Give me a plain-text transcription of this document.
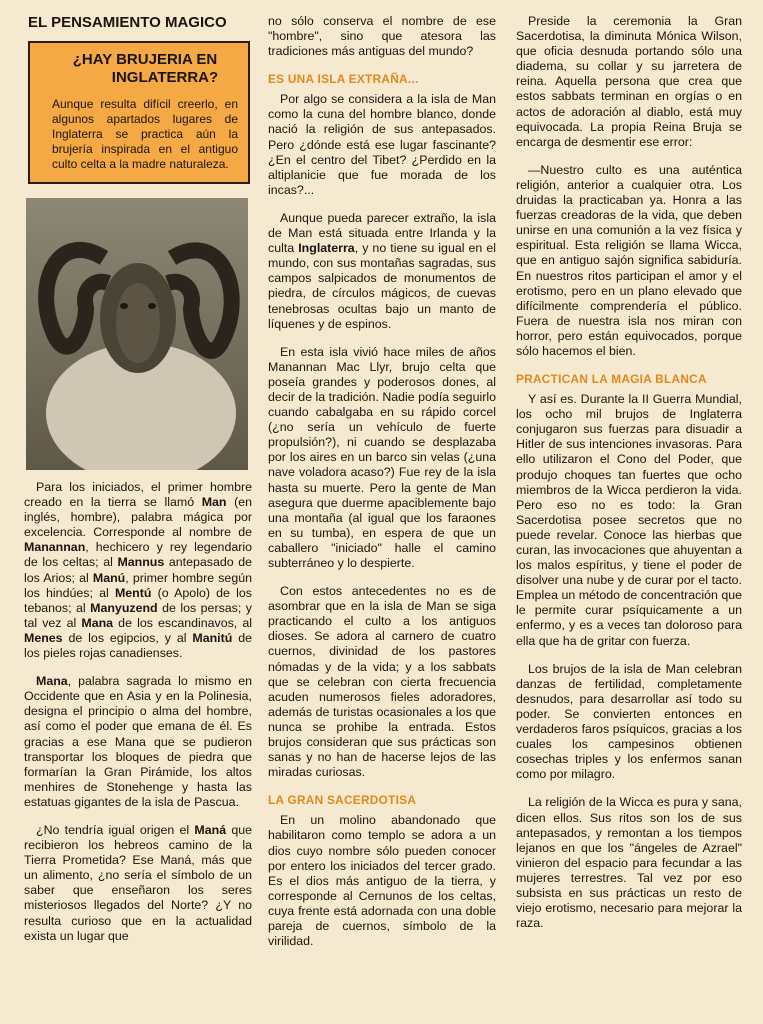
EL PENSAMIENTO MAGICO
¿HAY BRUJERIA EN
INGLATERRA?
Aunque resulta difícil creerlo, en algunos apartados lugares de Inglaterra se practica aún la brujería inspirada en el antiguo culto celta a la madre naturaleza.

Para los iniciados, el primer hombre creado en la tierra se llamó Man (en inglés, hombre), palabra mágica por excelencia. Corresponde al nombre de Manannan, hechicero y rey legendario de los celtas; al Mannus antepasado de los Arios; al Manú, primer hombre según los hindúes; al Mentú (o Apolo) de los tebanos; al Manyuzend de los persas; y tal vez al Mana de los escandinavos, al Menes de los egipcios, y al Manitú de los pieles rojas canadienses.

Mana, palabra sagrada lo mismo en Occidente que en Asia y en la Polinesia, designa el principio o alma del hombre, así como el poder que emana de él. Es gracias a ese Mana que se pudieron transportar los bloques de piedra que formarían la Gran Pirámide, los altos menhires de Stonehenge y hasta las estatuas gigantes de la isla de Pascua.

¿No tendría igual origen el Maná que recibieron los hebreos camino de la Tierra Prometida? Ese Maná, más que un alimento, ¿no sería el símbolo de un saber que enseñaron los seres misteriosos llegados del Norte? ¿Y no resulta curioso que en la actualidad exista un lugar que

no sólo conserva el nombre de ese "hombre", sino que atesora las tradiciones más antiguas del mundo?

ES UNA ISLA EXTRAÑA...

Por algo se considera a la isla de Man como la cuna del hombre blanco, donde nació la religión de sus antepasados. Pero ¿dónde está ese lugar fascinante? ¿En el centro del Tibet? ¿Perdido en la altiplanicie que fue morada de los incas?...

Aunque pueda parecer extraño, la isla de Man está situada entre Irlanda y la culta Inglaterra, y no tiene su igual en el mundo, con sus montañas sagradas, sus campos salpicados de monumentos de piedra, de círculos mágicos, de cuevas tenebrosas ocultas bajo un manto de líquenes y de espinos.

En esta isla vivió hace miles de años Manannan Mac Llyr, brujo celta que poseía grandes y poderosos dones, al decir de la tradición. Nadie podía seguirlo cuando cabalgaba en su rápido corcel (¿no sería un vehículo de fuerte propulsión?), ni cuando se desplazaba por los aires en un barco sin velas (¿una nave voladora acaso?) Fue rey de la isla hasta su muerte. Pero la gente de Man asegura que duerme apaciblemente bajo una montaña (al igual que los faraones en su tumba), en espera de que un caballero "iniciado" halle el camino subterráneo y lo despierte.

Con estos antecedentes no es de asombrar que en la isla de Man se siga practicando el culto a los antiguos dioses. Se adora al carnero de cuatro cuernos, divinidad de los pastores nómadas y de la vida; y a los sabbats que se celebran con cierta frecuencia acuden numerosos fieles adoradores, además de turistas ocasionales a los que nunca se prohibe la entrada. Estos brujos consideran que sus prácticas son sanas y no han de hacerse lejos de las miradas curiosas.

LA GRAN SACERDOTISA

En un molino abandonado que habilitaron como templo se adora a un dios cuyo nombre sólo pueden conocer por entero los iniciados del tercer grado. Es el dios más antiguo de la tierra, y corresponde al Cernunos de los celtas, cuya frente está adornada con una doble pareja de cuernos, símbolo de la virilidad.

Preside la ceremonia la Gran Sacerdotisa, la diminuta Mónica Wilson, que oficia desnuda portando sólo una diadema, su collar y su jarretera de reina. Aquella persona que crea que estos sabbats terminan en orgías o en actos de adoración al diablo, está muy equivocada. La propia Reina Bruja se encarga de desmentir ese error:

—Nuestro culto es una auténtica religión, anterior a cualquier otra. Los druidas la practicaban ya. Honra a las fuerzas creadoras de la vida, que deben unirse en una comunión a la vez física y espiritual. Esta religión se llama Wicca, que en antiguo sajón significa sabiduría. En nuestros ritos participan el amor y el erotismo, pero en un plano elevado que difícilmente comprendería el público. Fuera de nuestra isla nos miran con horror, pero están equivocados, porque sólo hacemos el bien.

PRACTICAN LA MAGIA BLANCA

Y así es. Durante la II Guerra Mundial, los ocho mil brujos de Inglaterra conjugaron sus fuerzas para disuadir a Hitler de sus intenciones invasoras. Para ello utilizaron el Cono del Poder, que produjo choques tan fuertes que ocho miembros de la Wicca perdieron la vida. Pero eso no es todo: la Gran Sacerdotisa posee secretos que no puede revelar. Conoce las hierbas que curan, las invocaciones que ahuyentan a los malos espíritus, y tiene el poder de disolver una nube y de curar por el tacto. Emplea un método de concentración que le permite curar psíquicamente a un enfermo, y es a veces tan doloroso para ella que ha de gritar con fuerza.

Los brujos de la isla de Man celebran danzas de fertilidad, completamente desnudos, para desarrollar así todo su poder. Se convierten entonces en verdaderos faros psíquicos, gracias a los cuales los campesinos obtienen cosechas triples y los enfermos sanan como por milagro.

La religión de la Wicca es pura y sana, dicen ellos. Sus ritos son los de sus antepasados, y remontan a los tiempos lejanos en que los "ángeles de Azrael" vinieron del espacio para fecundar a las mujeres terrestres. Tal vez por eso subsista en sus prácticas un resto de viejo erotismo, necesario para mejorar la raza.
